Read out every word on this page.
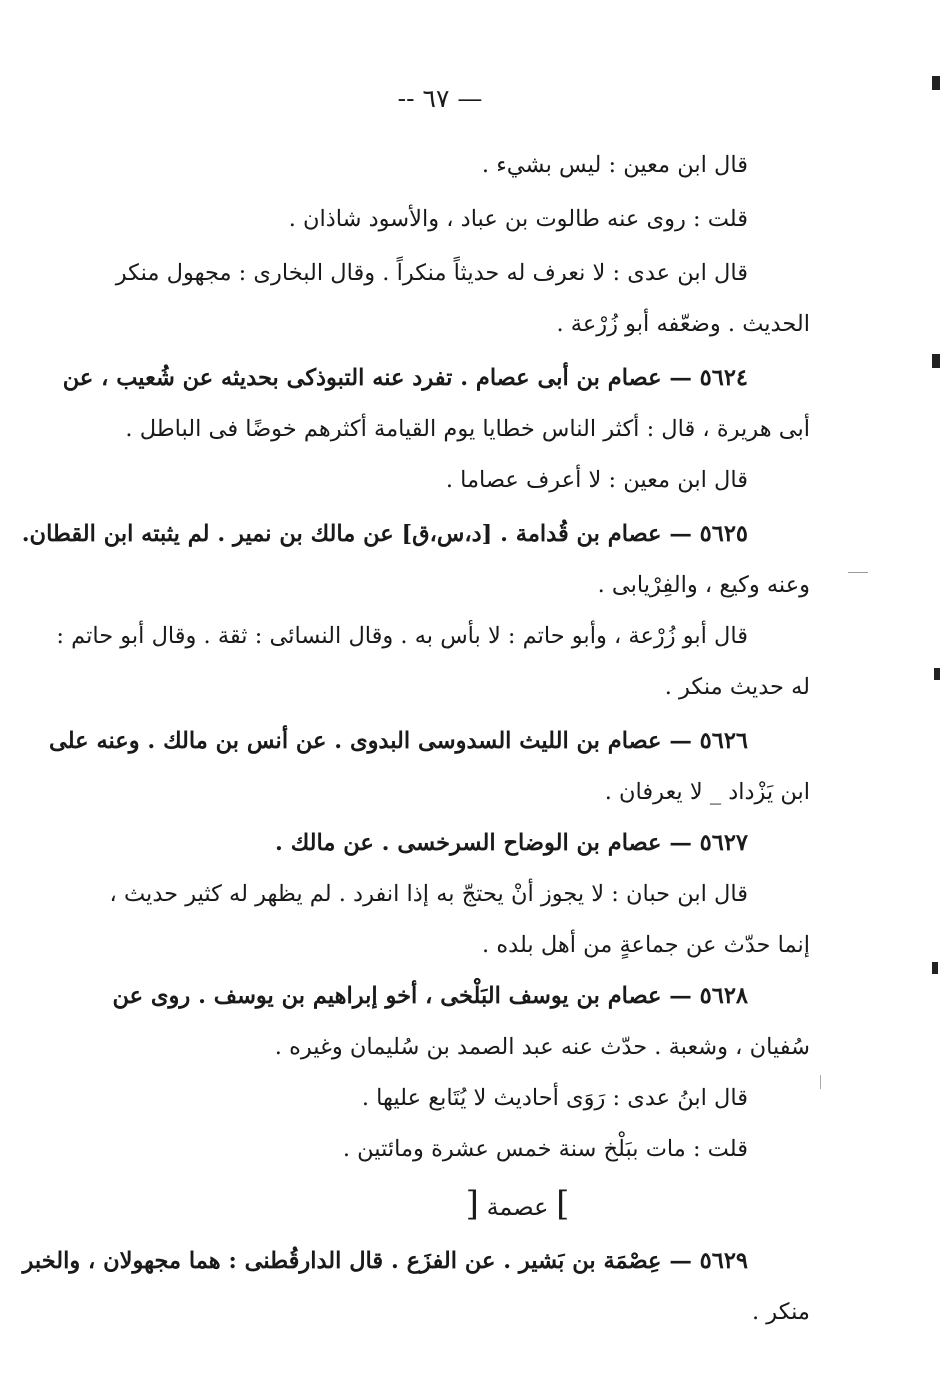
— ٦٧ --

قال ابن معين : ليس بشيء .

قلت : روى عنه طالوت بن عباد ، والأسود شاذان .

قال ابن عدى : لا نعرف له حديثاً منكراً . وقال البخارى : مجهول منكر
الحديث . وضعّفه أبو زُرْعة .

٥٦٢٤ — عصام بن أبى عصام . تفرد عنه التبوذكى بحديثه عن شُعيب ، عن
أبى هريرة ، قال : أكثر الناس خطايا يوم القيامة أكثرهم خوضًا فى الباطل .

قال ابن معين : لا أعرف عصاما .

٥٦٢٥ — عصام بن قُدامة . [د،س،ق] عن مالك بن نمير . لم يثبته ابن القطان.
وعنه وكيع ، والفِرْيابى .

قال أبو زُرْعة ، وأبو حاتم : لا بأس به . وقال النسائى : ثقة . وقال أبو حاتم :
له حديث منكر .

٥٦٢٦ — عصام بن الليث السدوسى البدوى . عن أنس بن مالك . وعنه على
ابن يَزْداد _ لا يعرفان .

٥٦٢٧ — عصام بن الوضاح السرخسى . عن مالك .

قال ابن حبان : لا يجوز أنْ يحتجّ به إذا انفرد . لم يظهر له كثير حديث ،
إنما حدّث عن جماعةٍ من أهل بلده .

٥٦٢٨ — عصام بن يوسف البَلْخى ، أخو إبراهيم بن يوسف . روى عن
سُفيان ، وشعبة . حدّث عنه عبد الصمد بن سُليمان وغيره .

قال ابنُ عدى : رَوَى أحاديث لا يُتَابع عليها .

قلت : مات ببَلْخ سنة خمس عشرة ومائتين .

] عصمة [

٥٦٢٩ — عِصْمَة بن بَشير . عن الفزَع . قال الدارقُطنى : هما مجهولان ، والخبر
منكر .
